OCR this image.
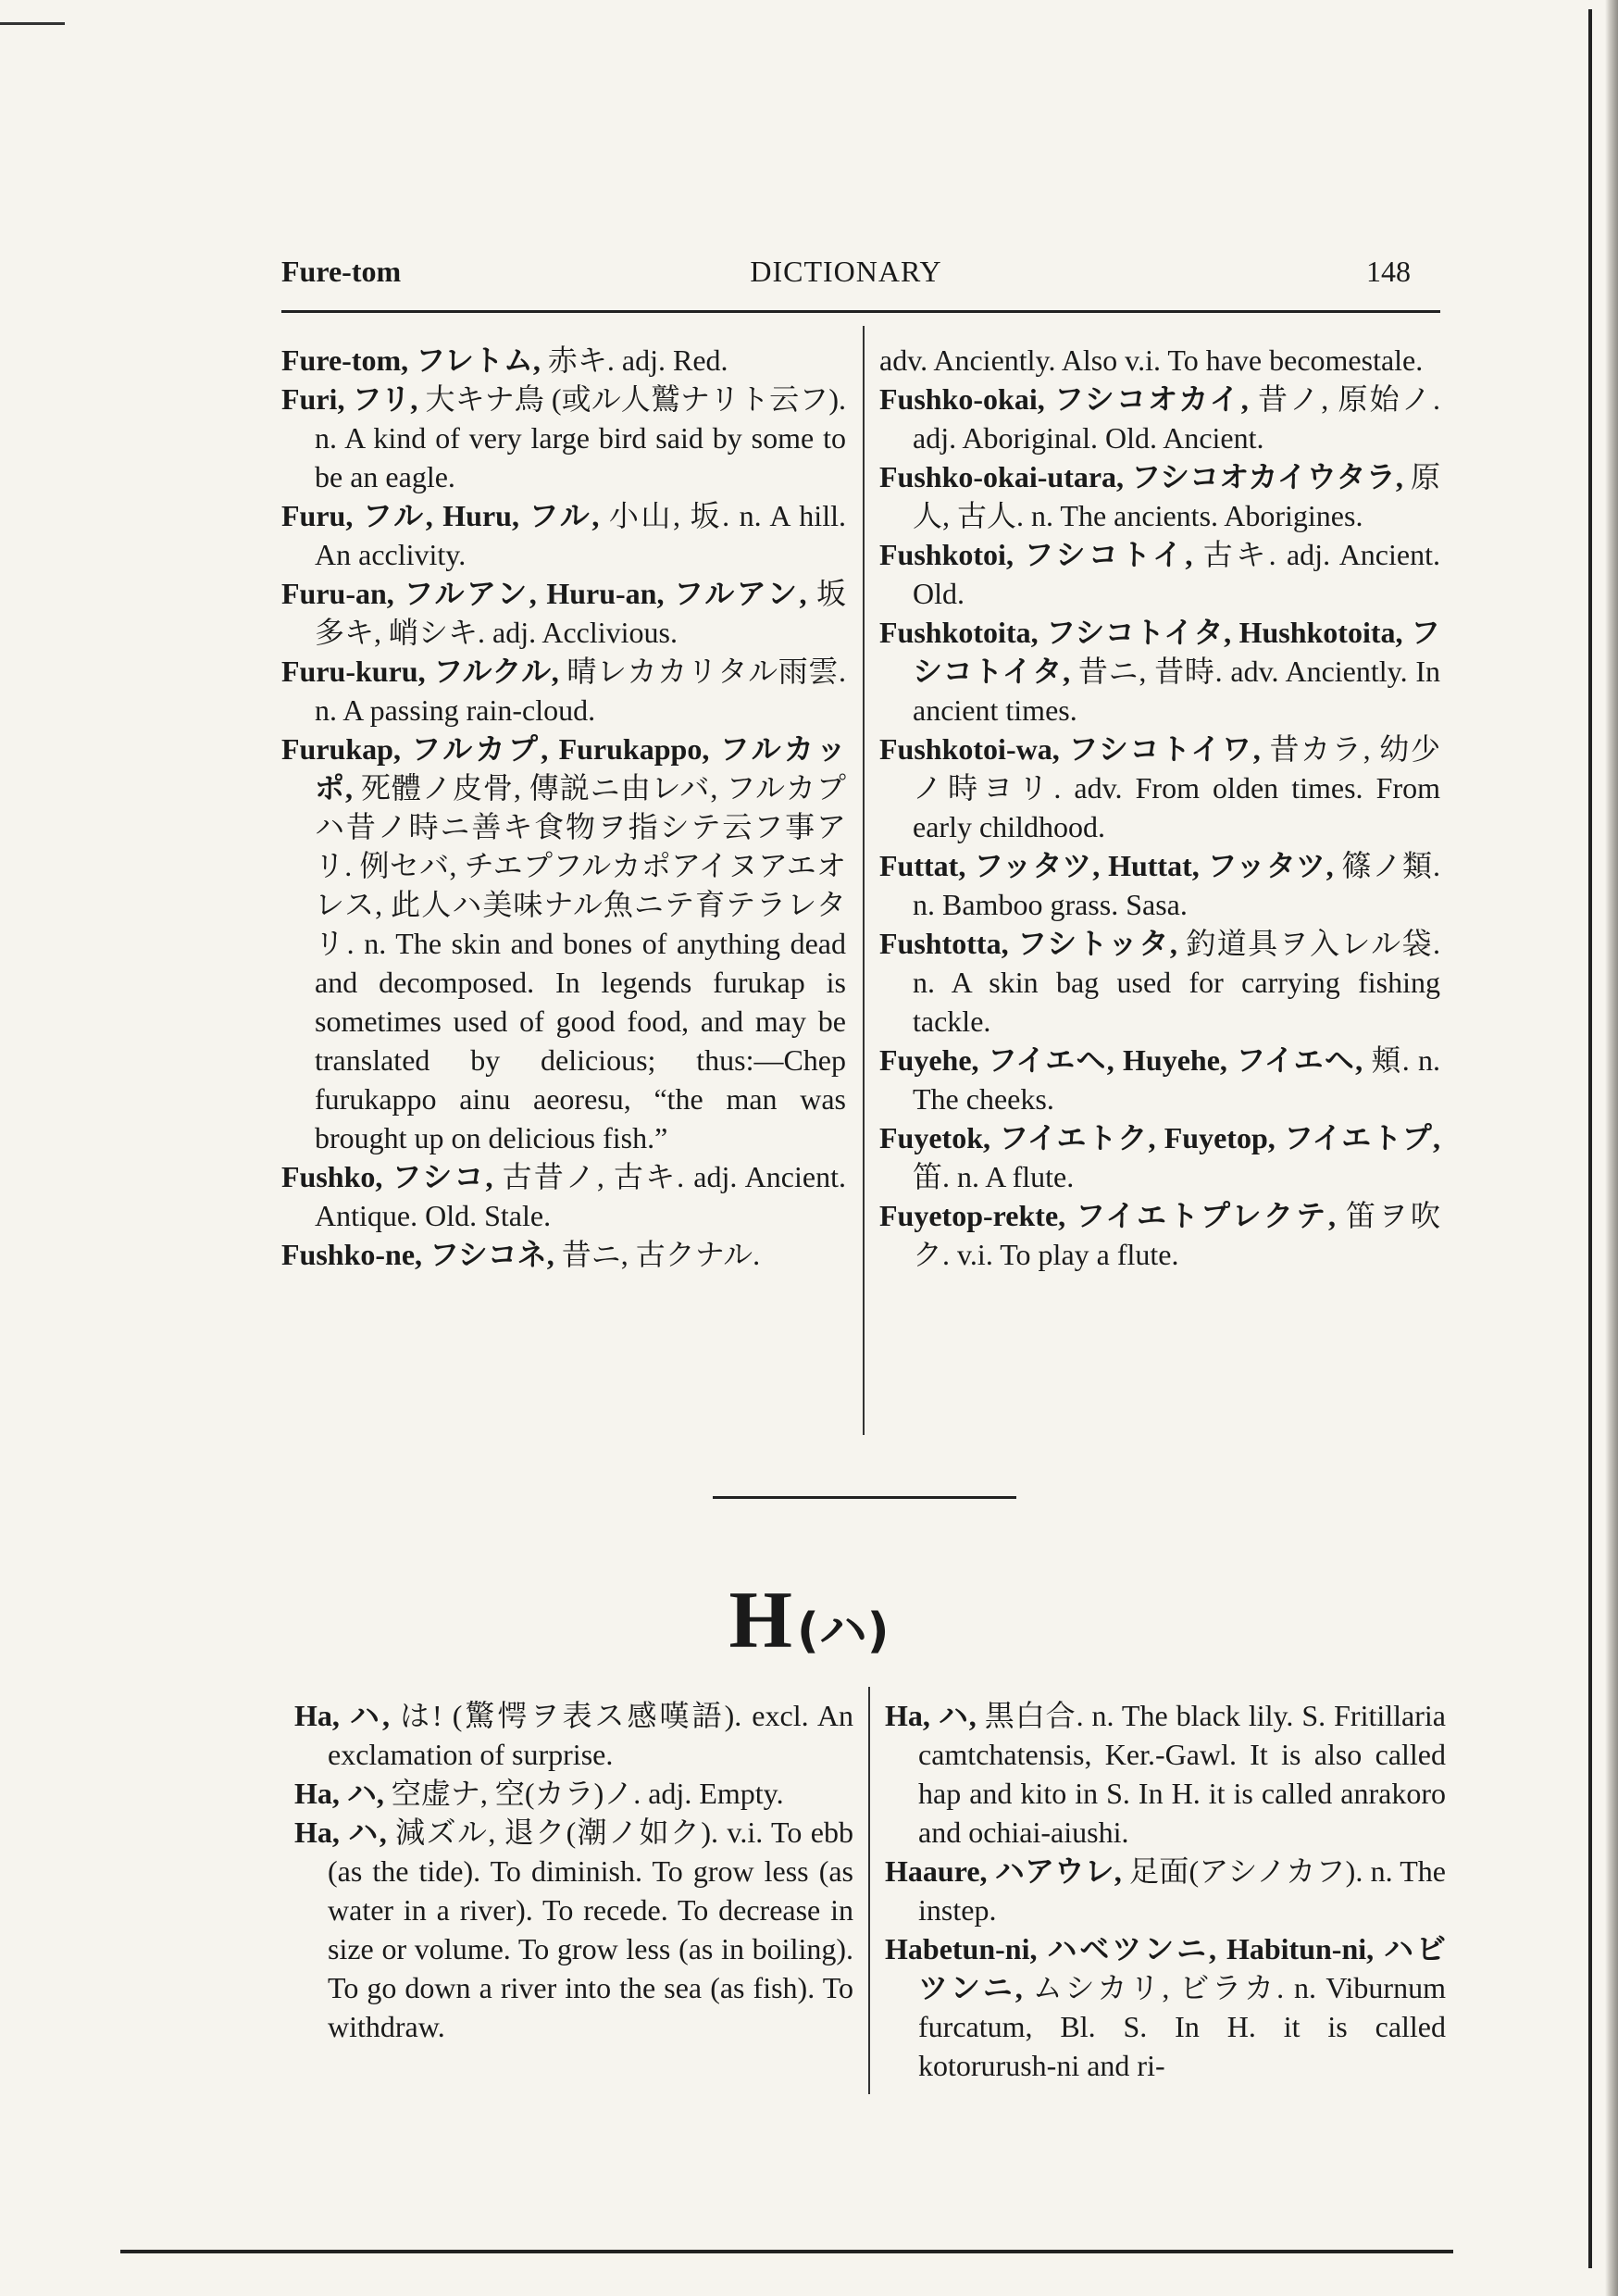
Fure-tom	DICTIONARY	148

Fure-tom, フレトム, 赤キ. adj. Red.

Furi, フリ, 大キナ鳥 (或ル人鷲ナリト云フ). n. A kind of very large bird said by some to be an eagle.

Furu, フル, Huru, フル, 小山, 坂. n. A hill. An acclivity.

Furu-an, フルアン, Huru-an, フルアン, 坂多キ, 峭シキ. adj. Acclivious.

Furu-kuru, フルクル, 晴レカカリタル雨雲. n. A passing rain-cloud.

Furukap, フルカプ, Furukappo, フルカッポ, 死體ノ皮骨, 傳説ニ由レバ, フルカプハ昔ノ時ニ善キ食物ヲ指シテ云フ事アリ. 例セバ, チエプフルカポアイヌアエオレス, 此人ハ美味ナル魚ニテ育テラレタリ. n. The skin and bones of anything dead and decomposed. In legends furukap is sometimes used of good food, and may be translated by delicious; thus:—Chep furukappo ainu aeoresu, “the man was brought up on delicious fish.”

Fushko, フシコ, 古昔ノ, 古キ. adj. Ancient. Antique. Old. Stale.

Fushko-ne, フシコネ, 昔ニ, 古クナル.

adv. Anciently. Also v.i. To have becomestale.

Fushko-okai, フシコオカイ, 昔ノ, 原始ノ. adj. Aboriginal. Old. Ancient.

Fushko-okai-utara, フシコオカイウタラ, 原人, 古人. n. The ancients. Aborigines.

Fushkotoi, フシコトイ, 古キ. adj. Ancient. Old.

Fushkotoita, フシコトイタ, Hushkotoita, フシコトイタ, 昔ニ, 昔時. adv. Anciently. In ancient times.

Fushkotoi-wa, フシコトイワ, 昔カラ, 幼少ノ時ヨリ. adv. From olden times. From early childhood.

Futtat, フッタツ, Huttat, フッタツ, 篠ノ類. n. Bamboo grass. Sasa.

Fushtotta, フシトッタ, 釣道具ヲ入レル袋. n. A skin bag used for carrying fishing tackle.

Fuyehe, フイエヘ, Huyehe, フイエヘ, 頬. n. The cheeks.

Fuyetok, フイエトク, Fuyetop, フイエトプ, 笛. n. A flute.

Fuyetop-rekte, フイエトプレクテ, 笛ヲ吹ク. v.i. To play a flute.

H (ハ)

Ha, ハ, は! (驚愕ヲ表ス感嘆語). excl. An exclamation of surprise.

Ha, ハ, 空虚ナ, 空(カラ)ノ. adj. Empty.

Ha, ハ, 減ズル, 退ク(潮ノ如ク). v.i. To ebb (as the tide). To diminish. To grow less (as water in a river). To recede. To decrease in size or volume. To grow less (as in boiling). To go down a river into the sea (as fish). To withdraw.

Ha, ハ, 黒白合. n. The black lily. S. Fritillaria camtchatensis, Ker.-Gawl. It is also called hap and kito in S. In H. it is called anrakoro and ochiai-aiushi.

Haaure, ハアウレ, 足面(アシノカフ). n. The instep.

Habetun-ni, ハベツンニ, Habitun-ni, ハビツンニ, ムシカリ, ビラカ. n. Viburnum furcatum, Bl. S. In H. it is called kotorurush-ni and ri-
